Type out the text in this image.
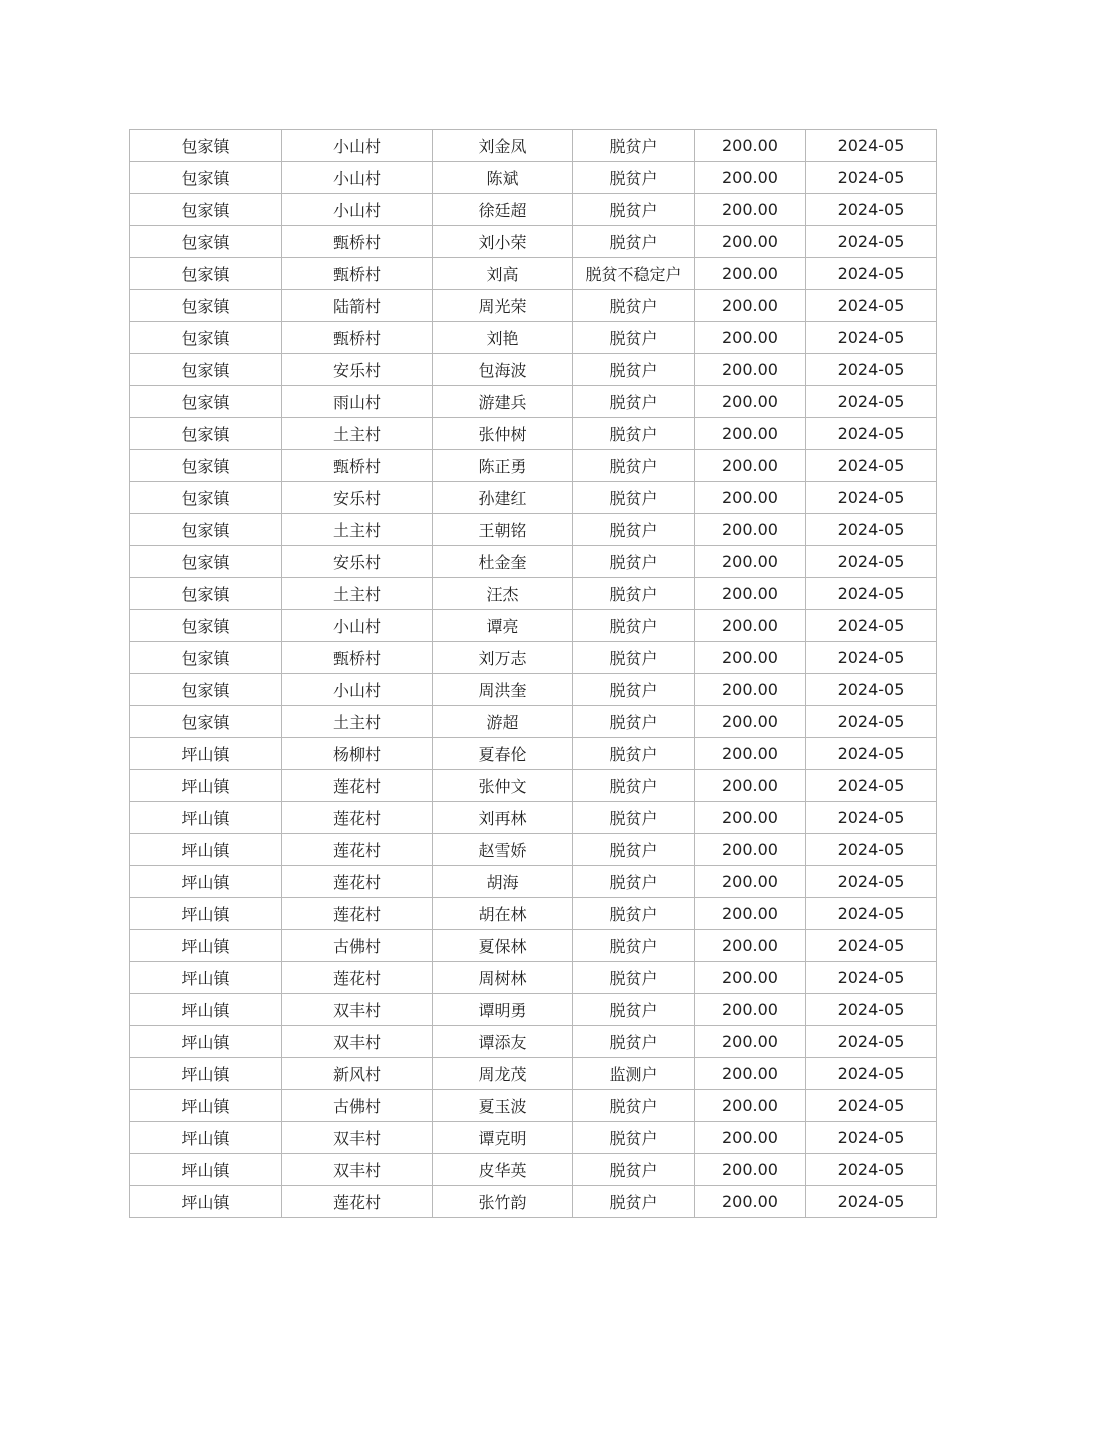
包家镇	小山村	刘金凤	脱贫户	200.00	2024-05
包家镇	小山村	陈斌	脱贫户	200.00	2024-05
包家镇	小山村	徐廷超	脱贫户	200.00	2024-05
包家镇	甄桥村	刘小荣	脱贫户	200.00	2024-05
包家镇	甄桥村	刘高	脱贫不稳定户	200.00	2024-05
包家镇	陆箭村	周光荣	脱贫户	200.00	2024-05
包家镇	甄桥村	刘艳	脱贫户	200.00	2024-05
包家镇	安乐村	包海波	脱贫户	200.00	2024-05
包家镇	雨山村	游建兵	脱贫户	200.00	2024-05
包家镇	土主村	张仲树	脱贫户	200.00	2024-05
包家镇	甄桥村	陈正勇	脱贫户	200.00	2024-05
包家镇	安乐村	孙建红	脱贫户	200.00	2024-05
包家镇	土主村	王朝铭	脱贫户	200.00	2024-05
包家镇	安乐村	杜金奎	脱贫户	200.00	2024-05
包家镇	土主村	汪杰	脱贫户	200.00	2024-05
包家镇	小山村	谭亮	脱贫户	200.00	2024-05
包家镇	甄桥村	刘万志	脱贫户	200.00	2024-05
包家镇	小山村	周洪奎	脱贫户	200.00	2024-05
包家镇	土主村	游超	脱贫户	200.00	2024-05
坪山镇	杨柳村	夏春伦	脱贫户	200.00	2024-05
坪山镇	莲花村	张仲文	脱贫户	200.00	2024-05
坪山镇	莲花村	刘再林	脱贫户	200.00	2024-05
坪山镇	莲花村	赵雪娇	脱贫户	200.00	2024-05
坪山镇	莲花村	胡海	脱贫户	200.00	2024-05
坪山镇	莲花村	胡在林	脱贫户	200.00	2024-05
坪山镇	古佛村	夏保林	脱贫户	200.00	2024-05
坪山镇	莲花村	周树林	脱贫户	200.00	2024-05
坪山镇	双丰村	谭明勇	脱贫户	200.00	2024-05
坪山镇	双丰村	谭添友	脱贫户	200.00	2024-05
坪山镇	新风村	周龙茂	监测户	200.00	2024-05
坪山镇	古佛村	夏玉波	脱贫户	200.00	2024-05
坪山镇	双丰村	谭克明	脱贫户	200.00	2024-05
坪山镇	双丰村	皮华英	脱贫户	200.00	2024-05
坪山镇	莲花村	张竹韵	脱贫户	200.00	2024-05
